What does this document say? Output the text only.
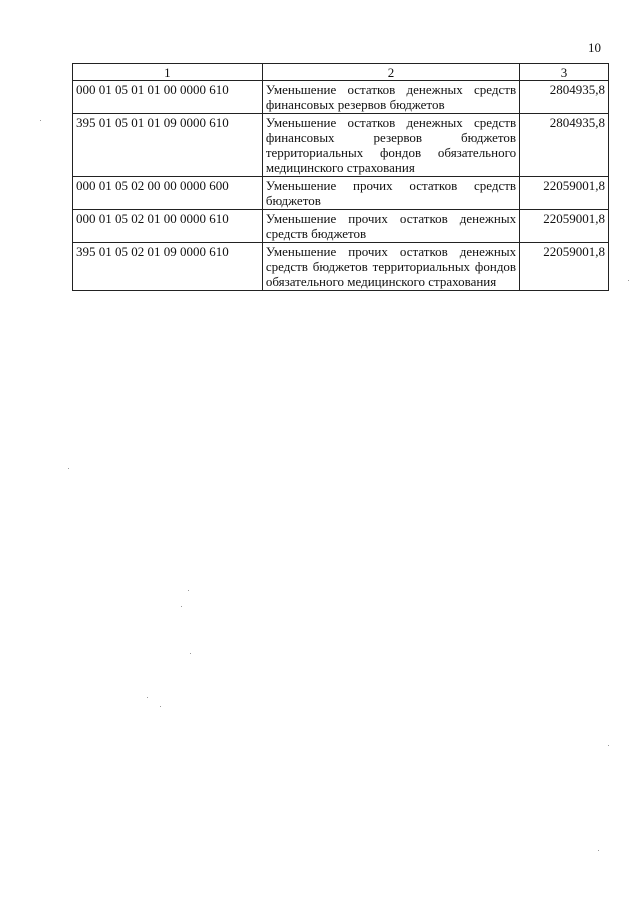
10
1	2	3
000 01 05 01 01 00 0000 610	Уменьшение остатков денежных средств финансовых резервов бюджетов	2804935,8
395 01 05 01 01 09 0000 610	Уменьшение остатков денежных средств финансовых резервов бюджетов территориальных фондов обязательного медицинского страхования	2804935,8
000 01 05 02 00 00 0000 600	Уменьшение прочих остатков средств бюджетов	22059001,8
000 01 05 02 01 00 0000 610	Уменьшение прочих остатков денежных средств бюджетов	22059001,8
395 01 05 02 01 09 0000 610	Уменьшение прочих остатков денежных средств бюджетов территориальных фондов обязательного медицинского страхования	22059001,8
